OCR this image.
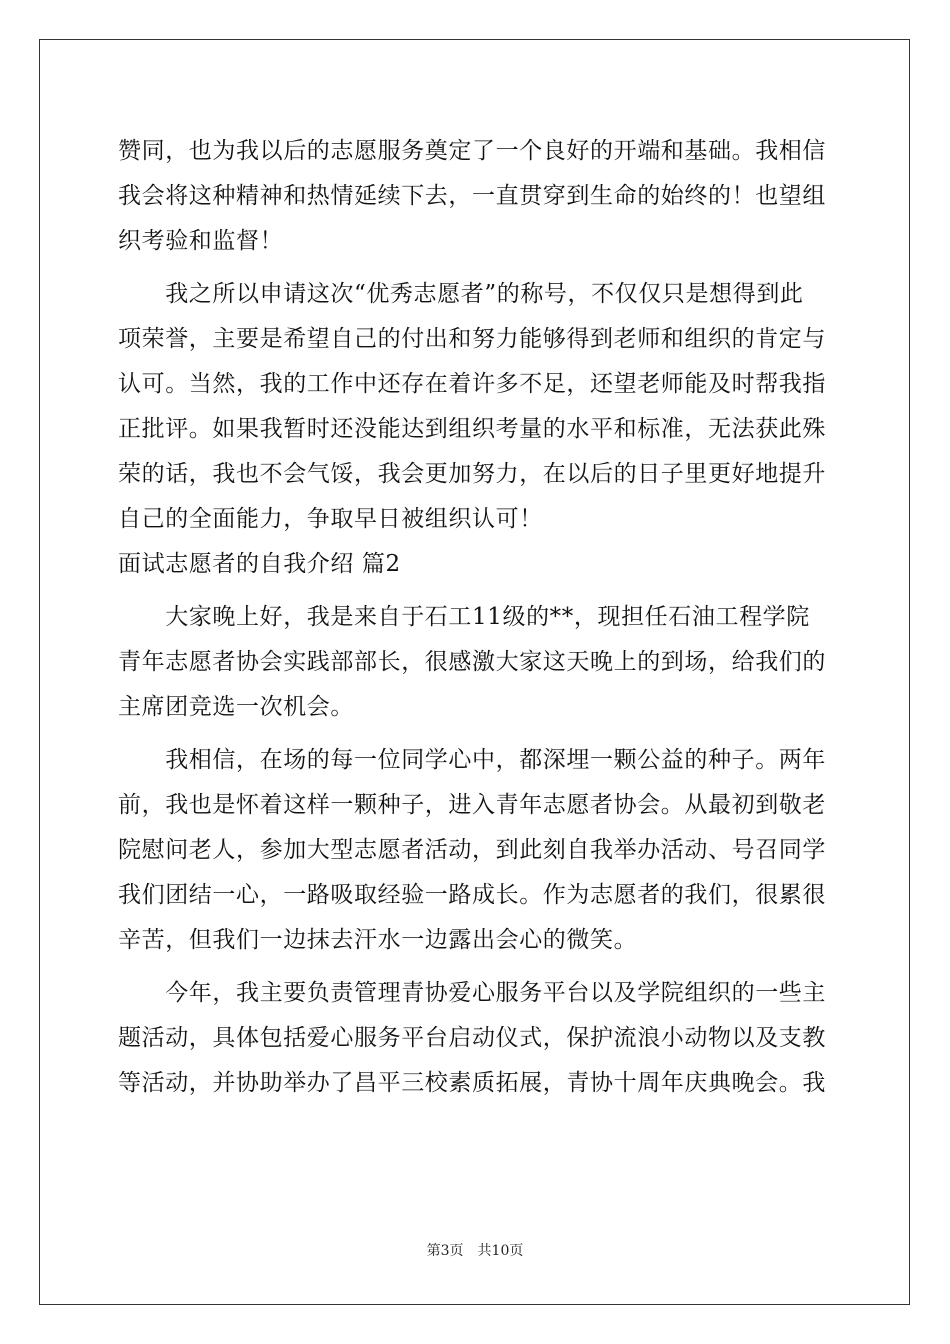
赞同，也为我以后的志愿服务奠定了一个良好的开端和基础。我相信
我会将这种精神和热情延续下去，一直贯穿到生命的始终的！也望组
织考验和监督！
　　我之所以申请这次“优秀志愿者”的称号，不仅仅只是想得到此
项荣誉，主要是希望自己的付出和努力能够得到老师和组织的肯定与
认可。当然，我的工作中还存在着许多不足，还望老师能及时帮我指
正批评。如果我暂时还没能达到组织考量的水平和标准，无法获此殊
荣的话，我也不会气馁，我会更加努力，在以后的日子里更好地提升
自己的全面能力，争取早日被组织认可！
面试志愿者的自我介绍 篇2
　　大家晚上好，我是来自于石工11级的**，现担任石油工程学院
青年志愿者协会实践部部长，很感激大家这天晚上的到场，给我们的
主席团竞选一次机会。
　　我相信，在场的每一位同学心中，都深埋一颗公益的种子。两年
前，我也是怀着这样一颗种子，进入青年志愿者协会。从最初到敬老
院慰问老人，参加大型志愿者活动，到此刻自我举办活动、号召同学
我们团结一心，一路吸取经验一路成长。作为志愿者的我们，很累很
辛苦，但我们一边抹去汗水一边露出会心的微笑。
　　今年，我主要负责管理青协爱心服务平台以及学院组织的一些主
题活动，具体包括爱心服务平台启动仪式，保护流浪小动物以及支教
等活动，并协助举办了昌平三校素质拓展，青协十周年庆典晚会。我
第3页 共10页
